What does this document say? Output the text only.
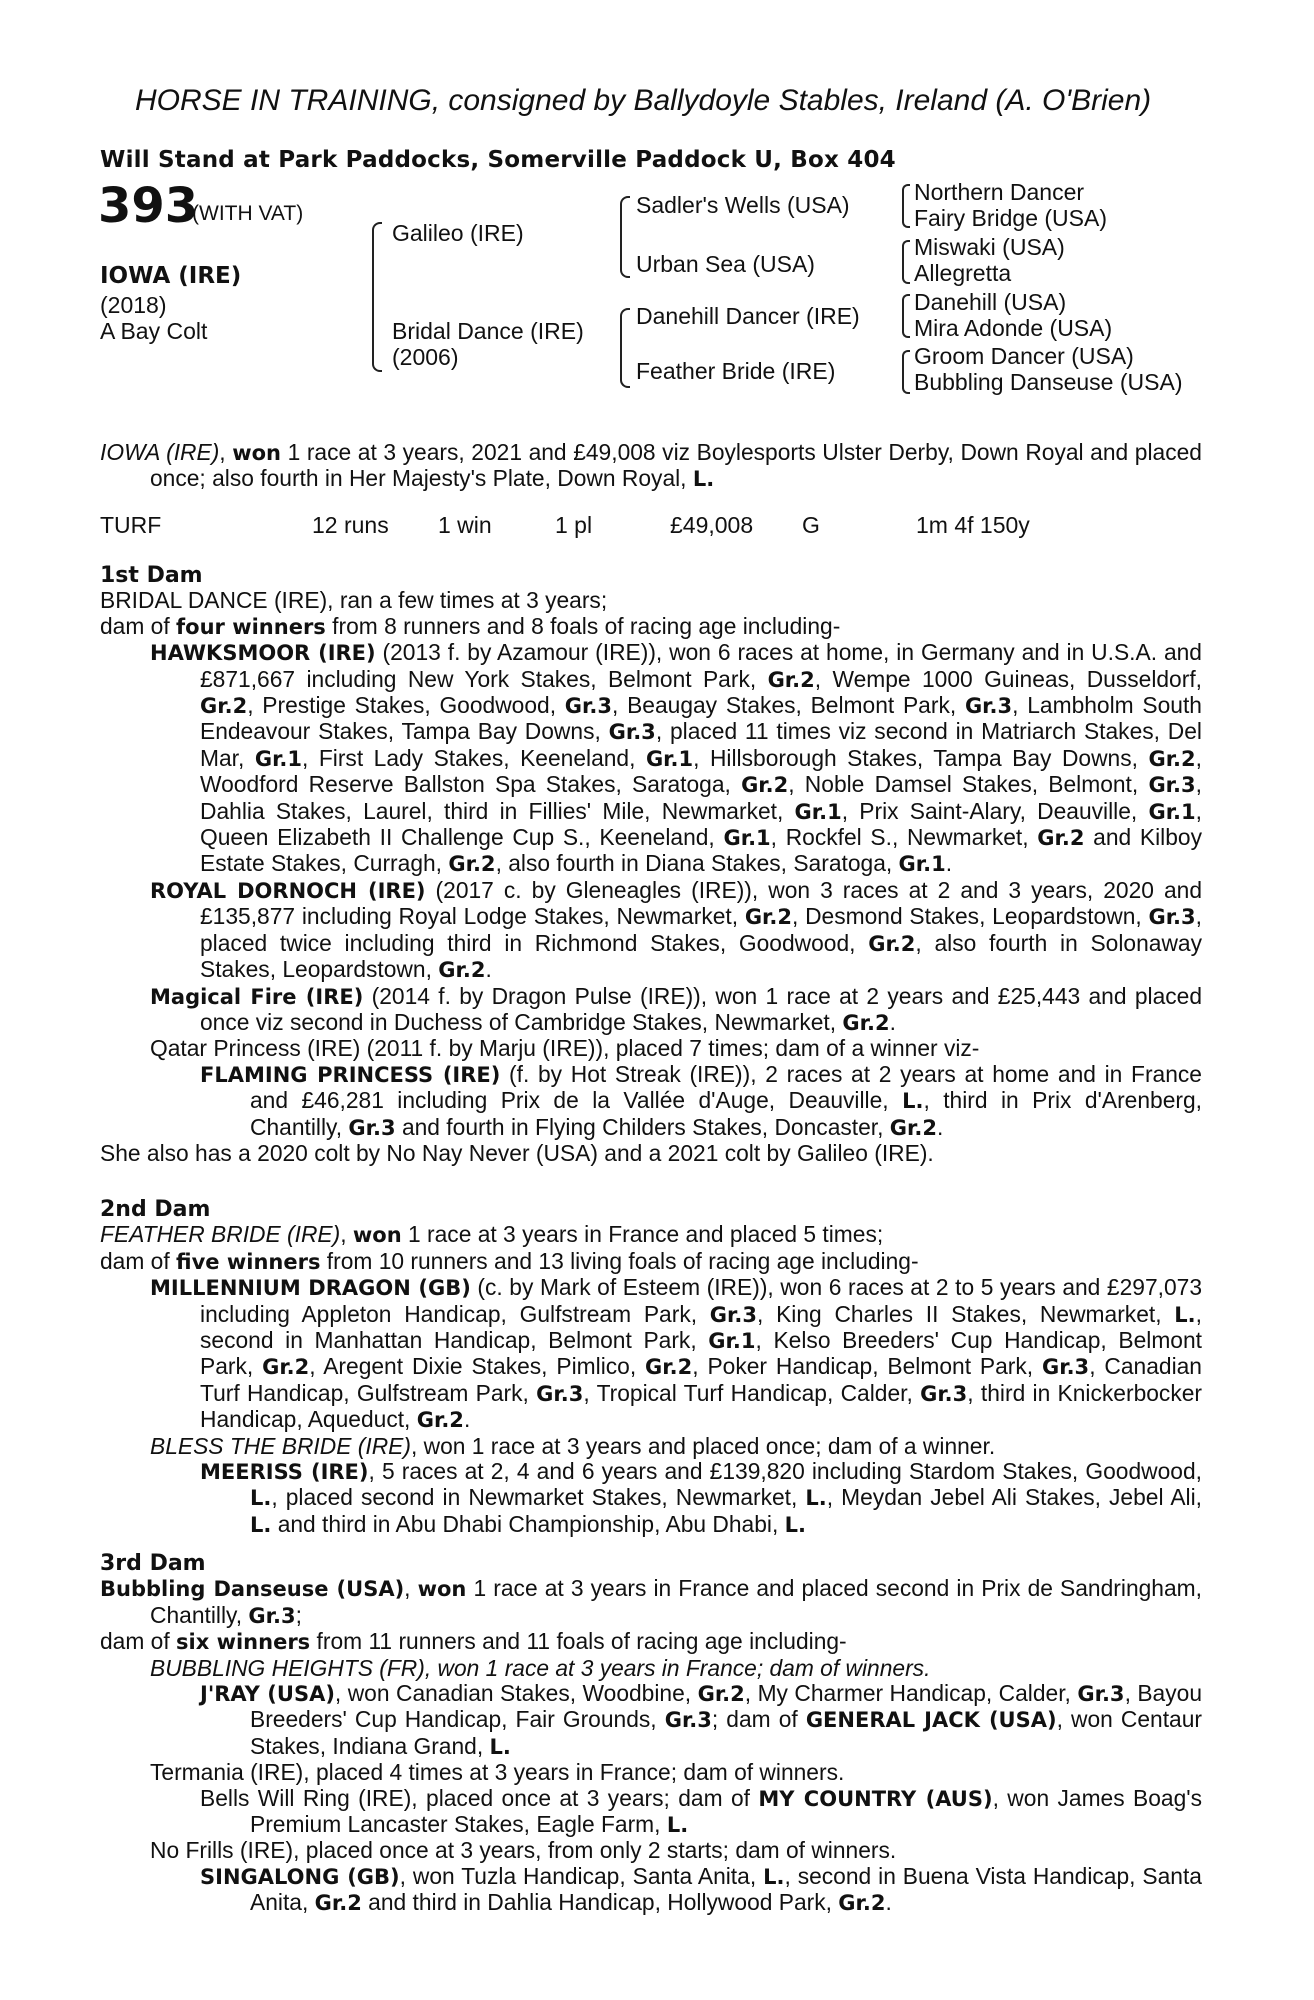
HORSE IN TRAINING, consigned by Ballydoyle Stables, Ireland (A. O'Brien)
Will Stand at Park Paddocks, Somerville Paddock U, Box 404
393
(WITH VAT)
IOWA (IRE)
(2018)
A Bay Colt
Galileo (IRE)
Bridal Dance (IRE)
(2006)
Sadler's Wells (USA)
Urban Sea (USA)
Danehill Dancer (IRE)
Feather Bride (IRE)
Northern Dancer
Fairy Bridge (USA)
Miswaki (USA)
Allegretta
Danehill (USA)
Mira Adonde (USA)
Groom Dancer (USA)
Bubbling Danseuse (USA)

IOWA (IRE), won 1 race at 3 years, 2021 and £49,008 viz Boylesports Ulster Derby, Down Royal and placed once; also fourth in Her Majesty's Plate, Down Royal, L.

TURF	12 runs 1 win	1 pl	£49,008 G	1m 4f 150y
1st Dam

BRIDAL DANCE (IRE), ran a few times at 3 years;

dam of four winners from 8 runners and 8 foals of racing age including-

HAWKSMOOR (IRE) (2013 f. by Azamour (IRE)), won 6 races at home, in Germany and in U.S.A. and £871,667 including New York Stakes, Belmont Park, Gr.2, Wempe 1000 Guineas, Dusseldorf, Gr.2, Prestige Stakes, Goodwood, Gr.3, Beaugay Stakes, Belmont Park, Gr.3, Lambholm South Endeavour Stakes, Tampa Bay Downs, Gr.3, placed 11 times viz second in Matriarch Stakes, Del Mar, Gr.1, First Lady Stakes, Keeneland, Gr.1, Hillsborough Stakes, Tampa Bay Downs, Gr.2, Woodford Reserve Ballston Spa Stakes, Saratoga, Gr.2, Noble Damsel Stakes, Belmont, Gr.3, Dahlia Stakes, Laurel, third in Fillies' Mile, Newmarket, Gr.1, Prix Saint-Alary, Deauville, Gr.1, Queen Elizabeth II Challenge Cup S., Keeneland, Gr.1, Rockfel S., Newmarket, Gr.2 and Kilboy Estate Stakes, Curragh, Gr.2, also fourth in Diana Stakes, Saratoga, Gr.1.

ROYAL DORNOCH (IRE) (2017 c. by Gleneagles (IRE)), won 3 races at 2 and 3 years, 2020 and £135,877 including Royal Lodge Stakes, Newmarket, Gr.2, Desmond Stakes, Leopardstown, Gr.3, placed twice including third in Richmond Stakes, Goodwood, Gr.2, also fourth in Solonaway Stakes, Leopardstown, Gr.2.

Magical Fire (IRE) (2014 f. by Dragon Pulse (IRE)), won 1 race at 2 years and £25,443 and placed once viz second in Duchess of Cambridge Stakes, Newmarket, Gr.2.

Qatar Princess (IRE) (2011 f. by Marju (IRE)), placed 7 times; dam of a winner viz-

FLAMING PRINCESS (IRE) (f. by Hot Streak (IRE)), 2 races at 2 years at home and in France and £46,281 including Prix de la Vallée d'Auge, Deauville, L., third in Prix d'Arenberg, Chantilly, Gr.3 and fourth in Flying Childers Stakes, Doncaster, Gr.2.

She also has a 2020 colt by No Nay Never (USA) and a 2021 colt by Galileo (IRE).

2nd Dam

FEATHER BRIDE (IRE), won 1 race at 3 years in France and placed 5 times;

dam of five winners from 10 runners and 13 living foals of racing age including-

MILLENNIUM DRAGON (GB) (c. by Mark of Esteem (IRE)), won 6 races at 2 to 5 years and £297,073 including Appleton Handicap, Gulfstream Park, Gr.3, King Charles II Stakes, Newmarket, L., second in Manhattan Handicap, Belmont Park, Gr.1, Kelso Breeders' Cup Handicap, Belmont Park, Gr.2, Aregent Dixie Stakes, Pimlico, Gr.2, Poker Handicap, Belmont Park, Gr.3, Canadian Turf Handicap, Gulfstream Park, Gr.3, Tropical Turf Handicap, Calder, Gr.3, third in Knickerbocker Handicap, Aqueduct, Gr.2.

BLESS THE BRIDE (IRE), won 1 race at 3 years and placed once; dam of a winner.

MEERISS (IRE), 5 races at 2, 4 and 6 years and £139,820 including Stardom Stakes, Goodwood, L., placed second in Newmarket Stakes, Newmarket, L., Meydan Jebel Ali Stakes, Jebel Ali, L. and third in Abu Dhabi Championship, Abu Dhabi, L.

3rd Dam

Bubbling Danseuse (USA), won 1 race at 3 years in France and placed second in Prix de Sandringham, Chantilly, Gr.3;

dam of six winners from 11 runners and 11 foals of racing age including-

BUBBLING HEIGHTS (FR), won 1 race at 3 years in France; dam of winners.

J'RAY (USA), won Canadian Stakes, Woodbine, Gr.2, My Charmer Handicap, Calder, Gr.3, Bayou Breeders' Cup Handicap, Fair Grounds, Gr.3; dam of GENERAL JACK (USA), won Centaur Stakes, Indiana Grand, L.

Termania (IRE), placed 4 times at 3 years in France; dam of winners.

Bells Will Ring (IRE), placed once at 3 years; dam of MY COUNTRY (AUS), won James Boag's Premium Lancaster Stakes, Eagle Farm, L.

No Frills (IRE), placed once at 3 years, from only 2 starts; dam of winners.

SINGALONG (GB), won Tuzla Handicap, Santa Anita, L., second in Buena Vista Handicap, Santa Anita, Gr.2 and third in Dahlia Handicap, Hollywood Park, Gr.2.
